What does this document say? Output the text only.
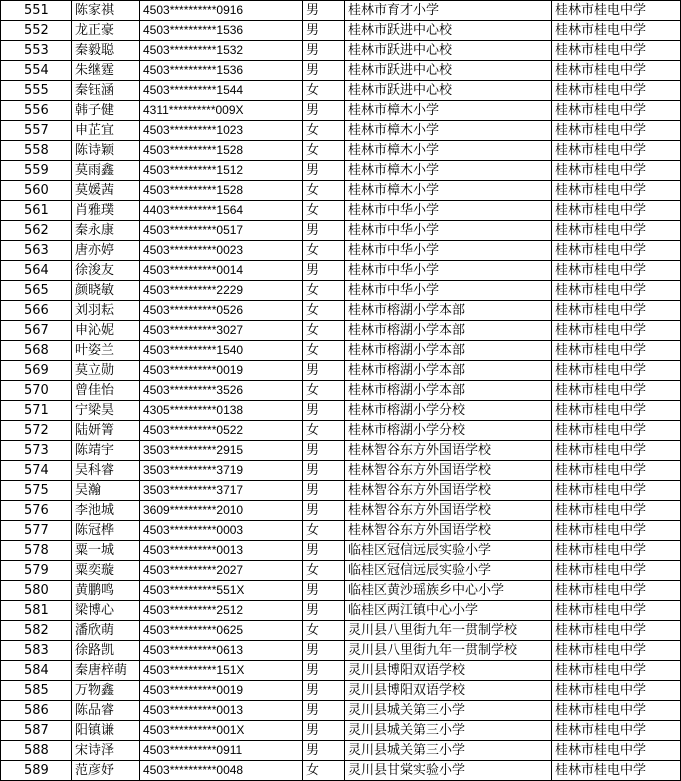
551	陈家祺	4503**********0916	男	桂林市育才小学	桂林市桂电中学
552	龙正豪	4503**********1536	男	桂林市跃进中心校	桂林市桂电中学
553	秦毅聪	4503**********1532	男	桂林市跃进中心校	桂林市桂电中学
554	朱继霆	4503**********1536	男	桂林市跃进中心校	桂林市桂电中学
555	秦钰涵	4503**********1544	女	桂林市跃进中心校	桂林市桂电中学
556	韩子健	4311**********009X	男	桂林市樟木小学	桂林市桂电中学
557	申芷宜	4503**********1023	女	桂林市樟木小学	桂林市桂电中学
558	陈诗颖	4503**********1528	女	桂林市樟木小学	桂林市桂电中学
559	莫雨鑫	4503**********1512	男	桂林市樟木小学	桂林市桂电中学
560	莫媛茜	4503**********1528	女	桂林市樟木小学	桂林市桂电中学
561	肖雅璞	4403**********1564	女	桂林市中华小学	桂林市桂电中学
562	秦永康	4503**********0517	男	桂林市中华小学	桂林市桂电中学
563	唐亦婷	4503**********0023	女	桂林市中华小学	桂林市桂电中学
564	徐浚友	4503**********0014	男	桂林市中华小学	桂林市桂电中学
565	颜晓敏	4503**********2229	女	桂林市中华小学	桂林市桂电中学
566	刘羽耘	4503**********0526	女	桂林市榕湖小学本部	桂林市桂电中学
567	申沁妮	4503**********3027	女	桂林市榕湖小学本部	桂林市桂电中学
568	叶姿兰	4503**********1540	女	桂林市榕湖小学本部	桂林市桂电中学
569	莫立勋	4503**********0019	男	桂林市榕湖小学本部	桂林市桂电中学
570	曾佳怡	4503**********3526	女	桂林市榕湖小学本部	桂林市桂电中学
571	宁梁昊	4305**********0138	男	桂林市榕湖小学分校	桂林市桂电中学
572	陆妍箐	4503**********0522	女	桂林市榕湖小学分校	桂林市桂电中学
573	陈靖宇	3503**********2915	男	桂林智谷东方外国语学校	桂林市桂电中学
574	吴科睿	3503**********3719	男	桂林智谷东方外国语学校	桂林市桂电中学
575	吴瀚	3503**********3717	男	桂林智谷东方外国语学校	桂林市桂电中学
576	李池城	3609**********2010	男	桂林智谷东方外国语学校	桂林市桂电中学
577	陈冠桦	4503**********0003	女	桂林智谷东方外国语学校	桂林市桂电中学
578	粟一城	4503**********0013	男	临桂区冠信远辰实验小学	桂林市桂电中学
579	粟奕璇	4503**********2027	女	临桂区冠信远辰实验小学	桂林市桂电中学
580	黄鹏鸣	4503**********551X	男	临桂区黄沙瑶族乡中心小学	桂林市桂电中学
581	梁博心	4503**********2512	男	临桂区两江镇中心小学	桂林市桂电中学
582	潘欣萌	4503**********0625	女	灵川县八里街九年一贯制学校	桂林市桂电中学
583	徐路凯	4503**********0613	男	灵川县八里街九年一贯制学校	桂林市桂电中学
584	秦唐梓萌	4503**********151X	男	灵川县博阳双语学校	桂林市桂电中学
585	万物鑫	4503**********0019	男	灵川县博阳双语学校	桂林市桂电中学
586	陈品睿	4503**********0013	男	灵川县城关第三小学	桂林市桂电中学
587	阳镇谦	4503**********001X	男	灵川县城关第三小学	桂林市桂电中学
588	宋诗泽	4503**********0911	男	灵川县城关第三小学	桂林市桂电中学
589	范彦妤	4503**********0048	女	灵川县甘棠实验小学	桂林市桂电中学
